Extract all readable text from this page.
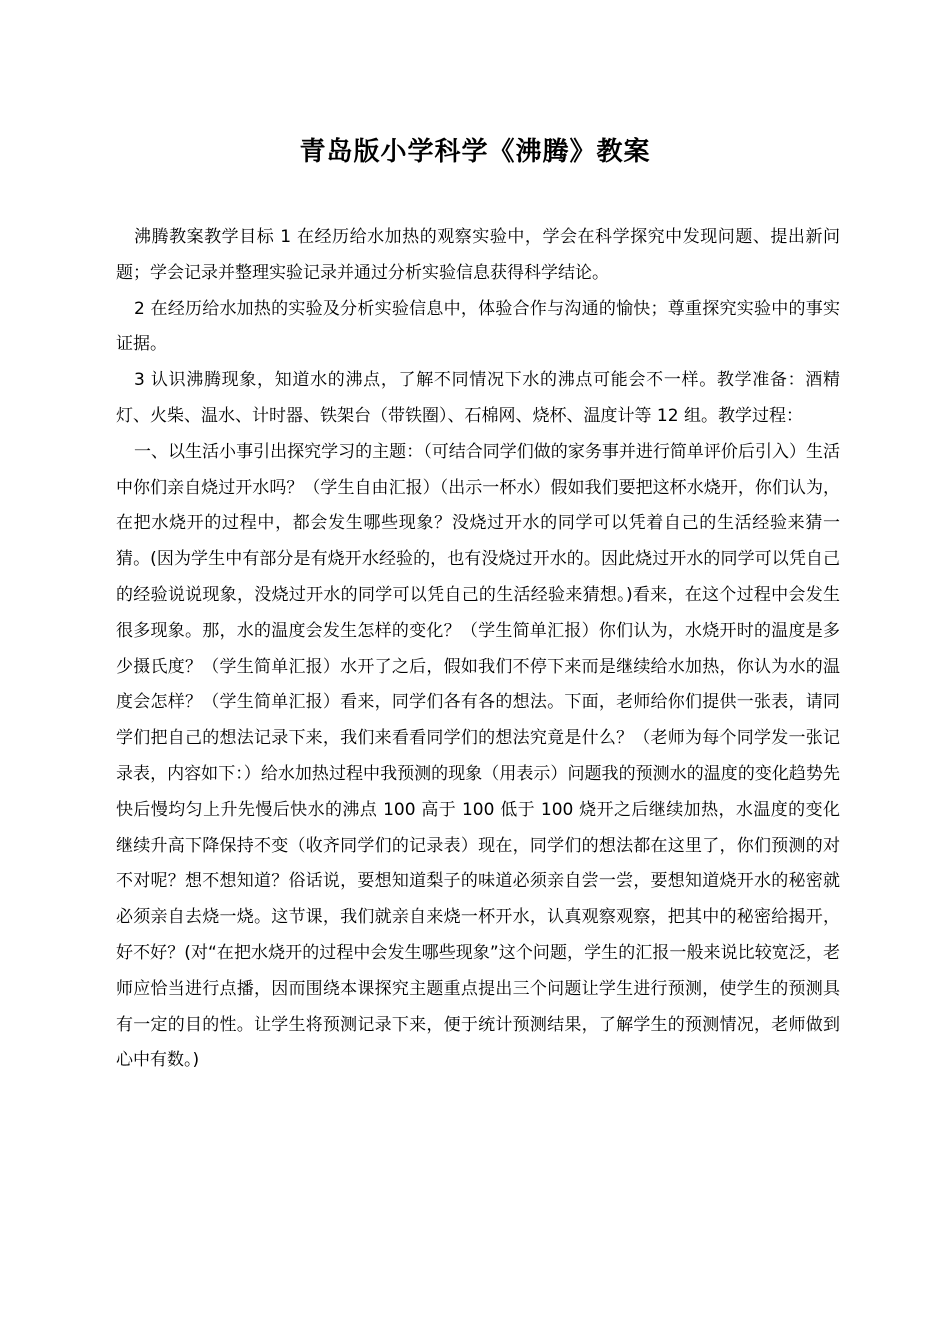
青岛版小学科学《沸腾》教案

沸腾教案教学目标 1 在经历给水加热的观察实验中，学会在科学探究中发现问题、提出新问题；学会记录并整理实验记录并通过分析实验信息获得科学结论。

2 在经历给水加热的实验及分析实验信息中，体验合作与沟通的愉快；尊重探究实验中的事实证据。

3 认识沸腾现象，知道水的沸点，了解不同情况下水的沸点可能会不一样。教学准备：酒精灯、火柴、温水、计时器、铁架台（带铁圈）、石棉网、烧杯、温度计等 12 组。教学过程：

一、以生活小事引出探究学习的主题：（可结合同学们做的家务事并进行简单评价后引入）生活中你们亲自烧过开水吗？（学生自由汇报）（出示一杯水）假如我们要把这杯水烧开，你们认为，在把水烧开的过程中，都会发生哪些现象？没烧过开水的同学可以凭着自己的生活经验来猜一猜。(因为学生中有部分是有烧开水经验的，也有没烧过开水的。因此烧过开水的同学可以凭自己的经验说说现象，没烧过开水的同学可以凭自己的生活经验来猜想。)看来，在这个过程中会发生很多现象。那，水的温度会发生怎样的变化？（学生简单汇报）你们认为，水烧开时的温度是多少摄氏度？（学生简单汇报）水开了之后，假如我们不停下来而是继续给水加热，你认为水的温度会怎样？（学生简单汇报）看来，同学们各有各的想法。下面，老师给你们提供一张表，请同学们把自己的想法记录下来，我们来看看同学们的想法究竟是什么？（老师为每个同学发一张记录表，内容如下：）给水加热过程中我预测的现象（用表示）问题我的预测水的温度的变化趋势先快后慢均匀上升先慢后快水的沸点 100 高于 100 低于 100 烧开之后继续加热，水温度的变化继续升高下降保持不变（收齐同学们的记录表）现在，同学们的想法都在这里了，你们预测的对不对呢？想不想知道？俗话说，要想知道梨子的味道必须亲自尝一尝，要想知道烧开水的秘密就必须亲自去烧一烧。这节课，我们就亲自来烧一杯开水，认真观察观察，把其中的秘密给揭开，好不好？(对“在把水烧开的过程中会发生哪些现象”这个问题，学生的汇报一般来说比较宽泛，老师应恰当进行点播，因而围绕本课探究主题重点提出三个问题让学生进行预测，使学生的预测具有一定的目的性。让学生将预测记录下来，便于统计预测结果，了解学生的预测情况，老师做到心中有数。)
